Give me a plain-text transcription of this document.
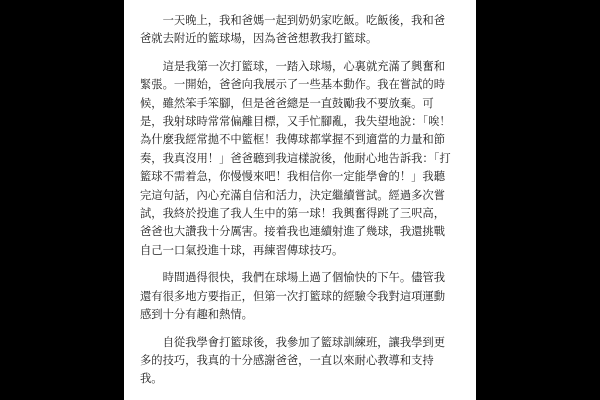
一天晚上，我和爸媽一起到奶奶家吃飯。吃飯後，我和爸爸就去附近的籃球場，因為爸爸想教我打籃球。

這是我第一次打籃球，一踏入球場，心裏就充滿了興奮和緊張。一開始，爸爸向我展示了一些基本動作。我在嘗試的時候，雖然笨手笨腳，但是爸爸總是一直鼓勵我不要放棄。可是，我射球時常常偏離目標，又手忙腳亂，我失望地說：「唉！為什麼我經常拋不中籃框！我傳球都掌握不到適當的力量和節奏，我真沒用！」爸爸聽到我這樣說後，他耐心地告訴我：「打籃球不需着急，你慢慢來吧！我相信你一定能學會的！」我聽完這句話，內心充滿自信和活力，決定繼續嘗試。經過多次嘗試，我終於投進了我人生中的第一球！我興奮得跳了三呎高，爸爸也大讚我十分厲害。接着我也連續射進了幾球，我還挑戰自己一口氣投進十球，再練習傳球技巧。

時間過得很快，我們在球場上過了個愉快的下午。儘管我還有很多地方要指正，但第一次打籃球的經驗令我對這項運動感到十分有趣和熱情。

自從我學會打籃球後，我參加了籃球訓練班，讓我學到更多的技巧，我真的十分感謝爸爸，一直以來耐心教導和支持我。
